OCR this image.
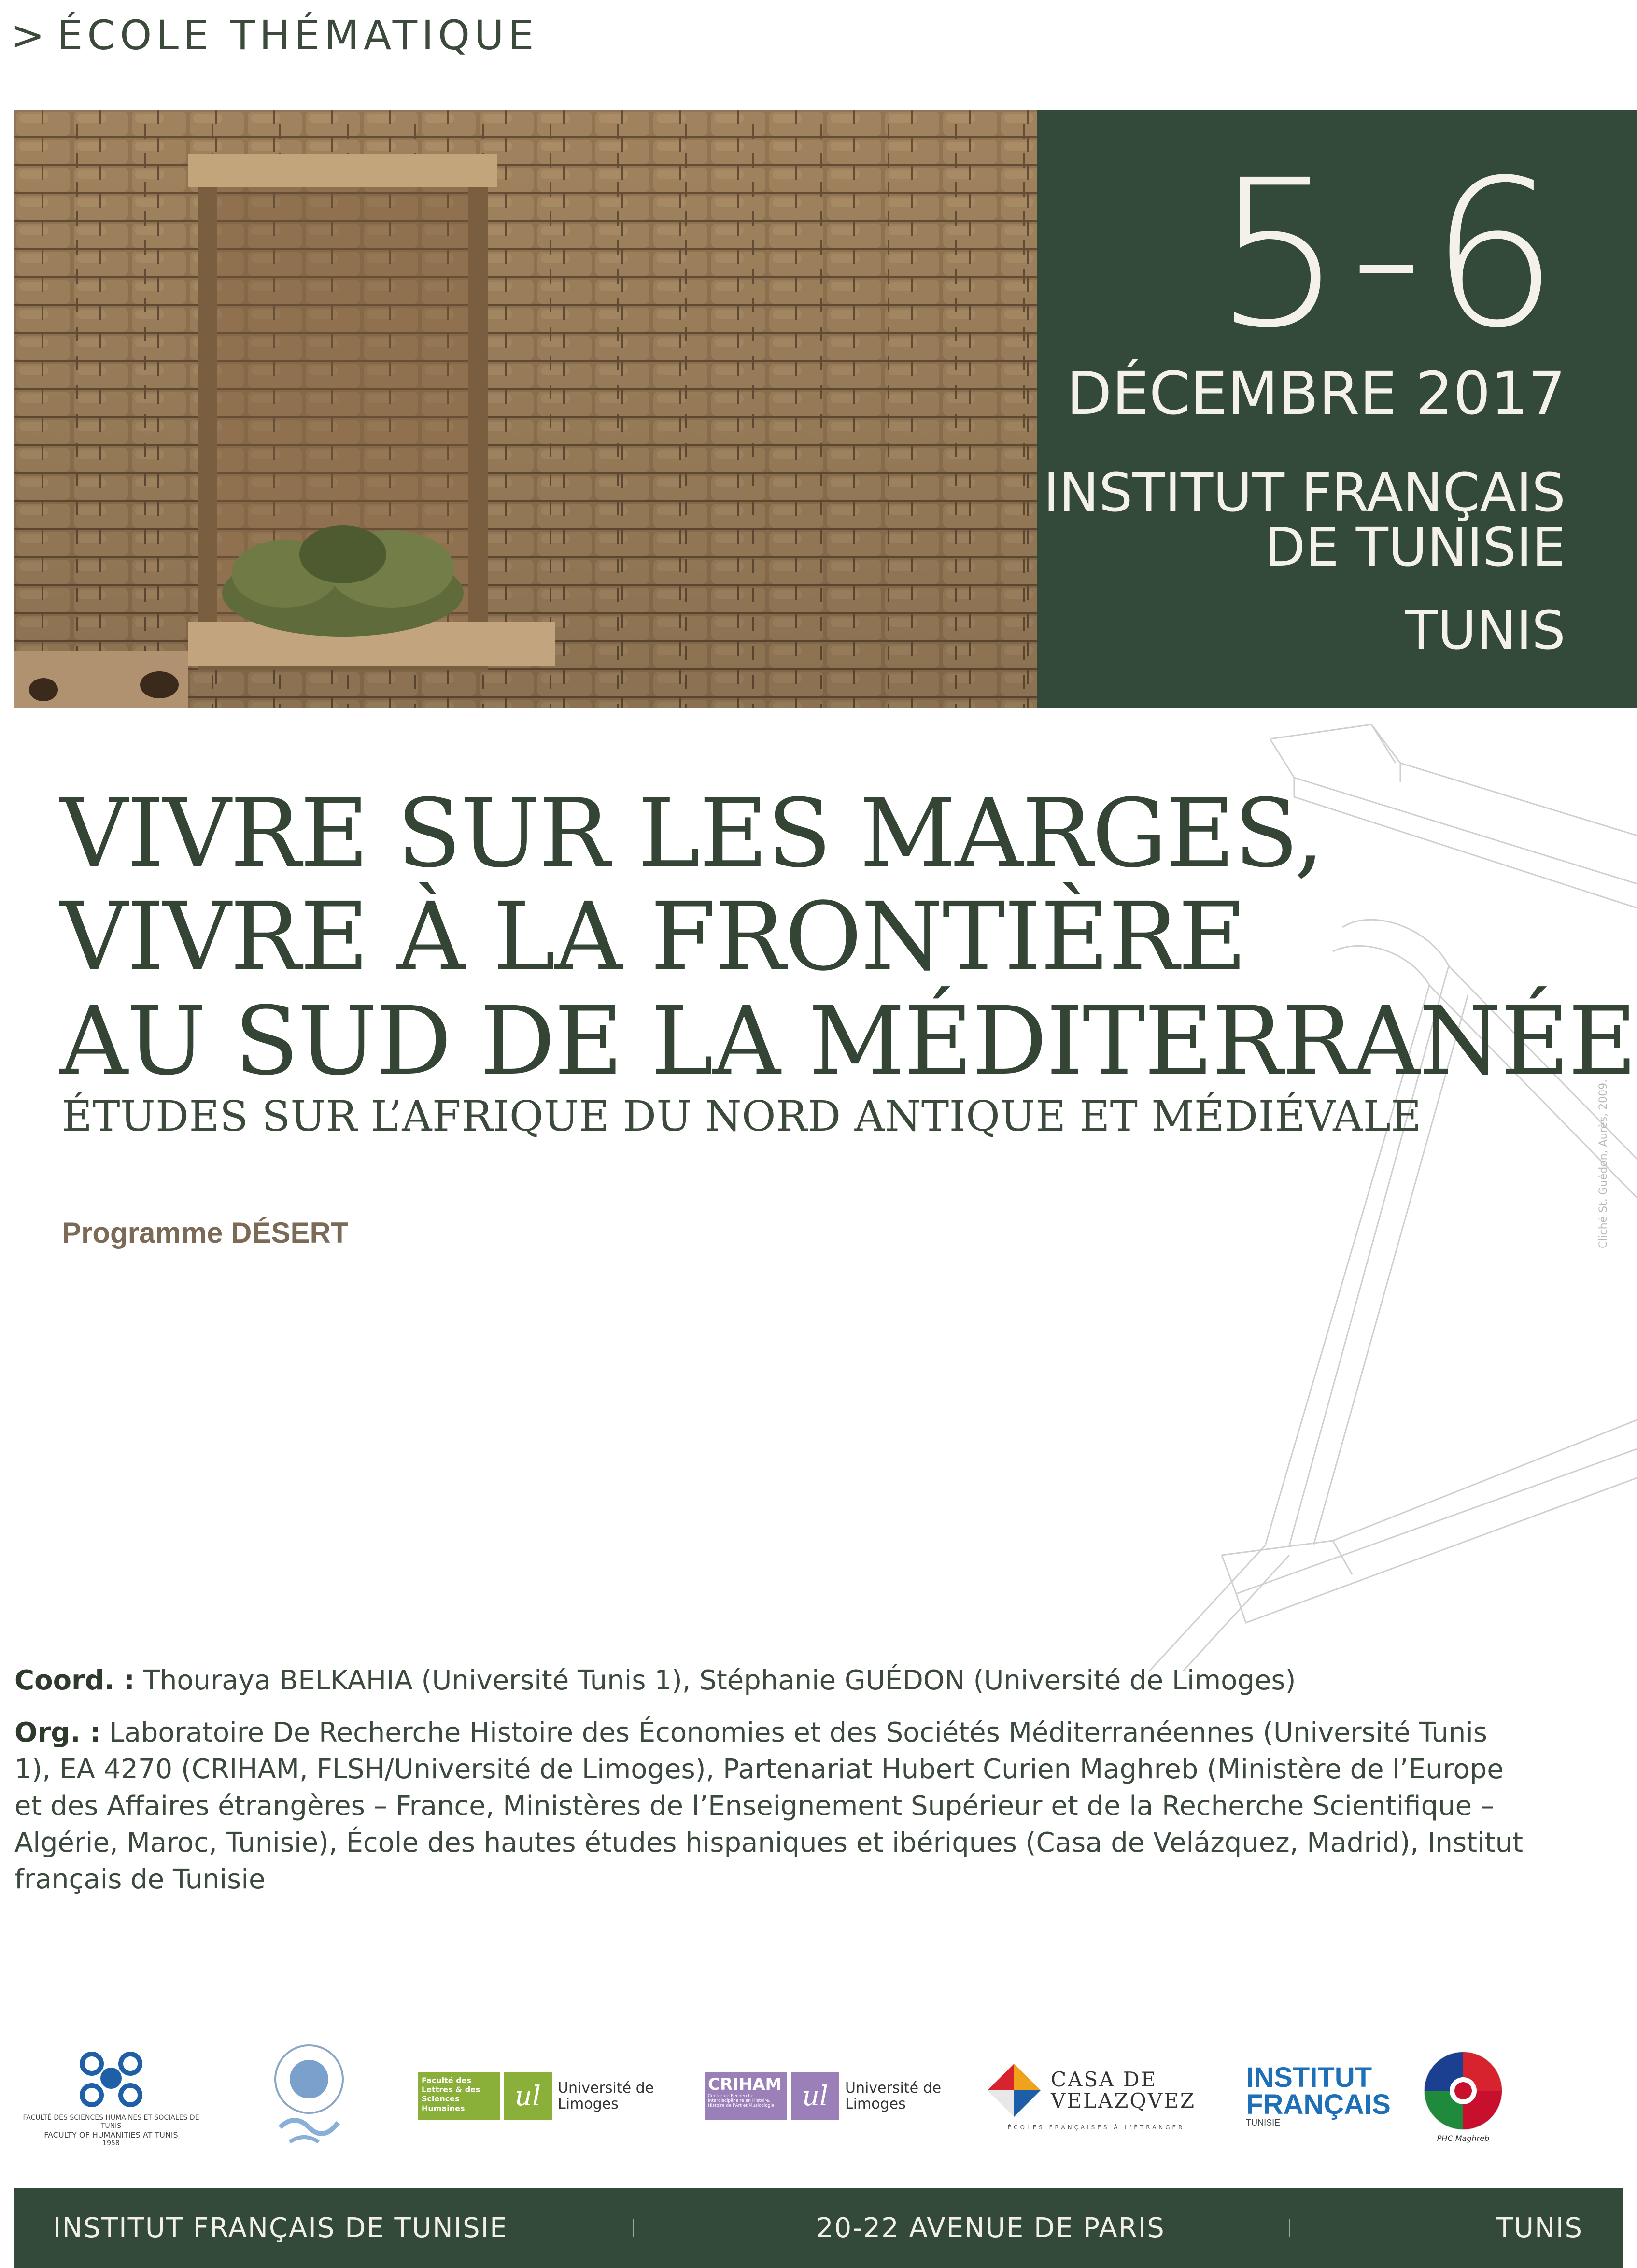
> ÉCOLE THÉMATIQUE
5-6
DÉCEMBRE 2017
INSTITUT FRANÇAIS
DE TUNISIE
TUNIS
VIVRE SUR LES MARGES,
VIVRE À LA FRONTIÈRE
AU SUD DE LA MÉDITERRANÉE
ÉTUDES SUR L’AFRIQUE DU NORD ANTIQUE ET MÉDIÉVALE
Programme DÉSERT	Cliché St. Guédon, Aurès, 2009.
Coord. : Thouraya BELKAHIA (Université Tunis 1), Stéphanie GUÉDON (Université de Limoges)
Org. : Laboratoire De Recherche Histoire des Économies et des Sociétés Méditerranéennes (Université Tunis 1), EA 4270 (CRIHAM, FLSH/Université de Limoges), Partenariat Hubert Curien Maghreb (Ministère de l’Europe et des Affaires étrangères – France, Ministères de l’Enseignement Supérieur et de la Recherche Scientifique – Algérie, Maroc, Tunisie), École des hautes études hispaniques et ibériques (Casa de Velázquez, Madrid), Institut français de Tunisie
FACULTÉ DES SCIENCES HUMAINES ET SOCIALES DE TUNIS
FACULTY OF HUMANITIES AT TUNIS
1958
Faculté des Lettres & des Sciences Humaines	ul	Université de Limoges
CRIHAM
Centre de Recherche Interdisciplinaire en Histoire, Histoire de l'Art et Musicologie	ul	Université de Limoges
CASA DE VELAZQVEZ
ÉCOLES FRANÇAISES À L'ÉTRANGER
INSTITUT
FRANÇAIS
TUNISIE
PHC Maghreb
INSTITUT FRANÇAIS DE TUNISIE	20-22 AVENUE DE PARIS	TUNIS
